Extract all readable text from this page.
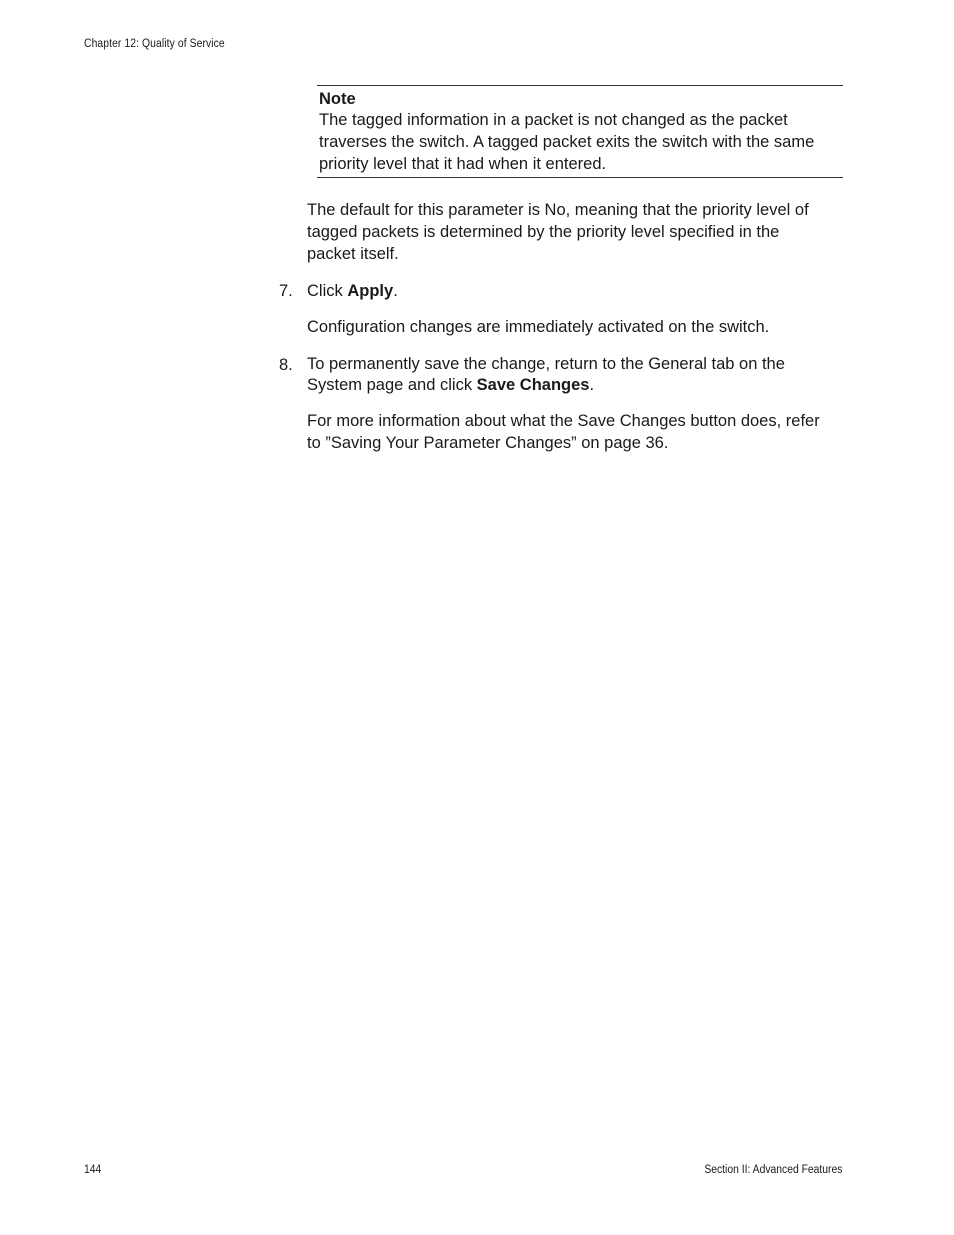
Chapter 12: Quality of Service
Note
The tagged information in a packet is not changed as the packet traverses the switch. A tagged packet exits the switch with the same priority level that it had when it entered.
The default for this parameter is No, meaning that the priority level of tagged packets is determined by the priority level specified in the packet itself.
7. Click Apply.
Configuration changes are immediately activated on the switch.
8. To permanently save the change, return to the General tab on the System page and click Save Changes.
For more information about what the Save Changes button does, refer to ”Saving Your Parameter Changes” on page 36.
144	Section II: Advanced Features
